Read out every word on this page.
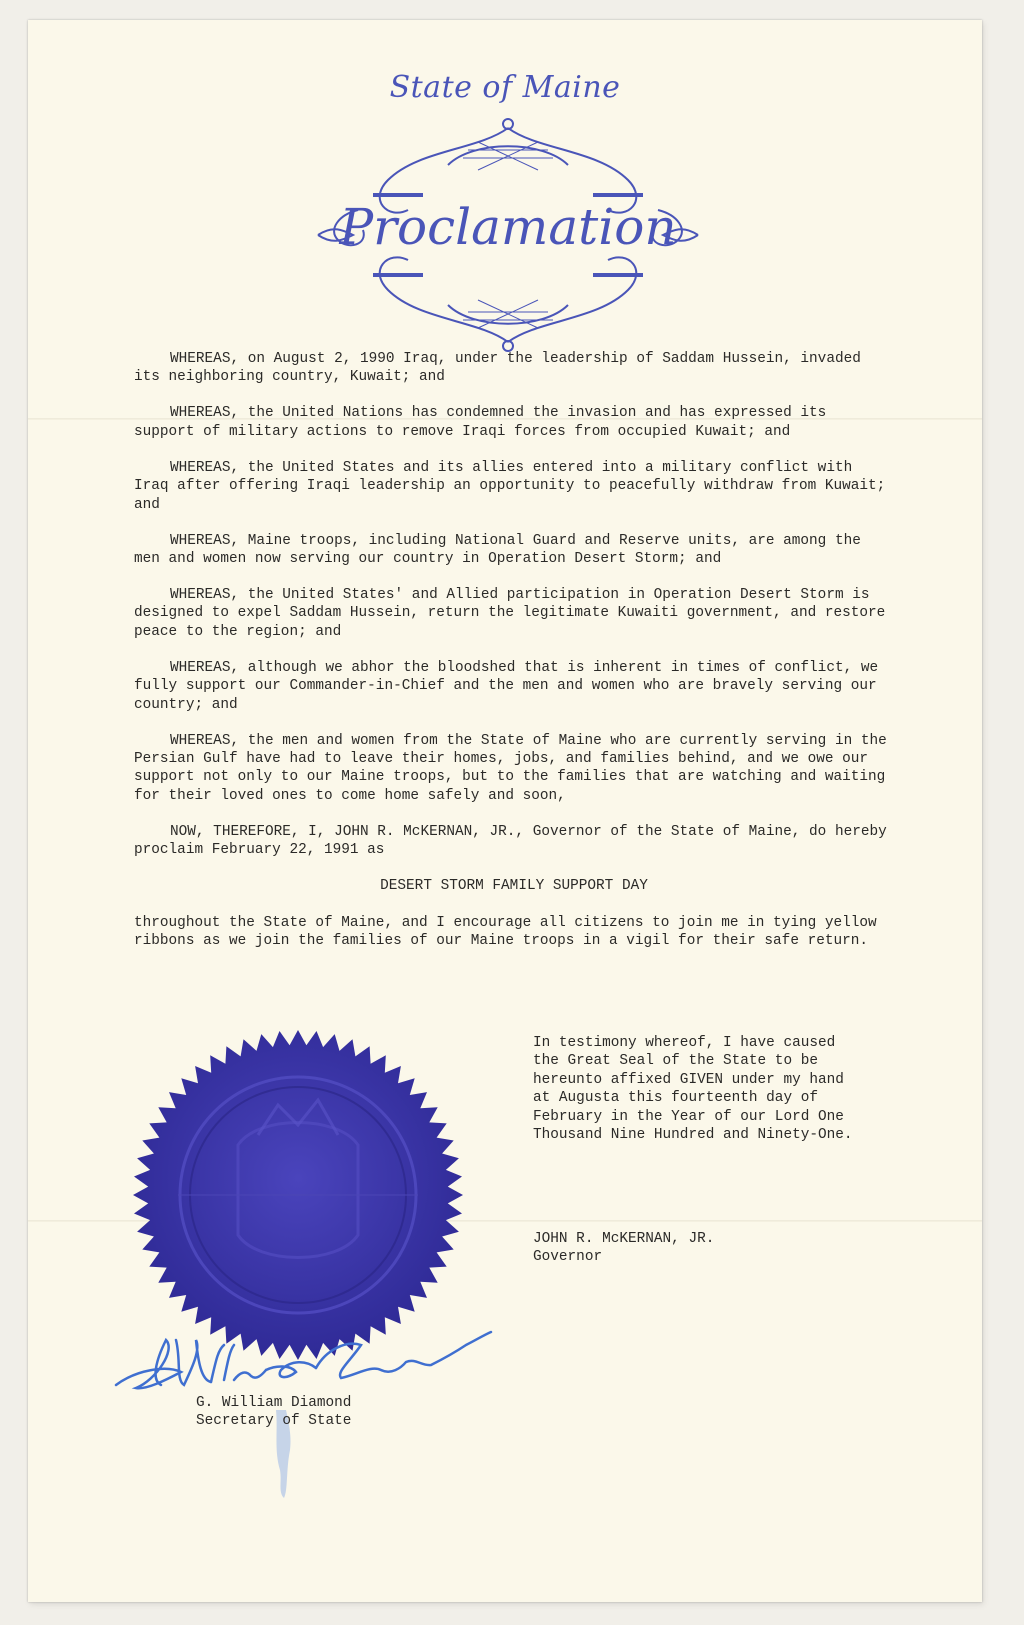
State of Maine
Proclamation

WHEREAS, on August 2, 1990 Iraq, under the leadership of Saddam Hussein, invaded its neighboring country, Kuwait; and

WHEREAS, the United Nations has condemned the invasion and has expressed its support of military actions to remove Iraqi forces from occupied Kuwait; and

WHEREAS, the United States and its allies entered into a military conflict with Iraq after offering Iraqi leadership an opportunity to peacefully withdraw from Kuwait; and

WHEREAS, Maine troops, including National Guard and Reserve units, are among the men and women now serving our country in Operation Desert Storm; and

WHEREAS, the United States' and Allied participation in Operation Desert Storm is designed to expel Saddam Hussein, return the legitimate Kuwaiti government, and restore peace to the region; and

WHEREAS, although we abhor the bloodshed that is inherent in times of conflict, we fully support our Commander-in-Chief and the men and women who are bravely serving our country; and

WHEREAS, the men and women from the State of Maine who are currently serving in the Persian Gulf have had to leave their homes, jobs, and families behind, and we owe our support not only to our Maine troops, but to the families that are watching and waiting for their loved ones to come home safely and soon,

NOW, THEREFORE, I, JOHN R. McKERNAN, JR., Governor of the State of Maine, do hereby proclaim February 22, 1991 as

DESERT STORM FAMILY SUPPORT DAY

throughout the State of Maine, and I encourage all citizens to join me in tying yellow ribbons as we join the families of our Maine troops in a vigil for their safe return.

In testimony whereof, I have caused the Great Seal of the State to be hereunto affixed GIVEN under my hand at Augusta this fourteenth day of February in the Year of our Lord One Thousand Nine Hundred and Ninety-One.
JOHN R. McKERNAN, JR.
Governor
G. William Diamond
Secretary of State
